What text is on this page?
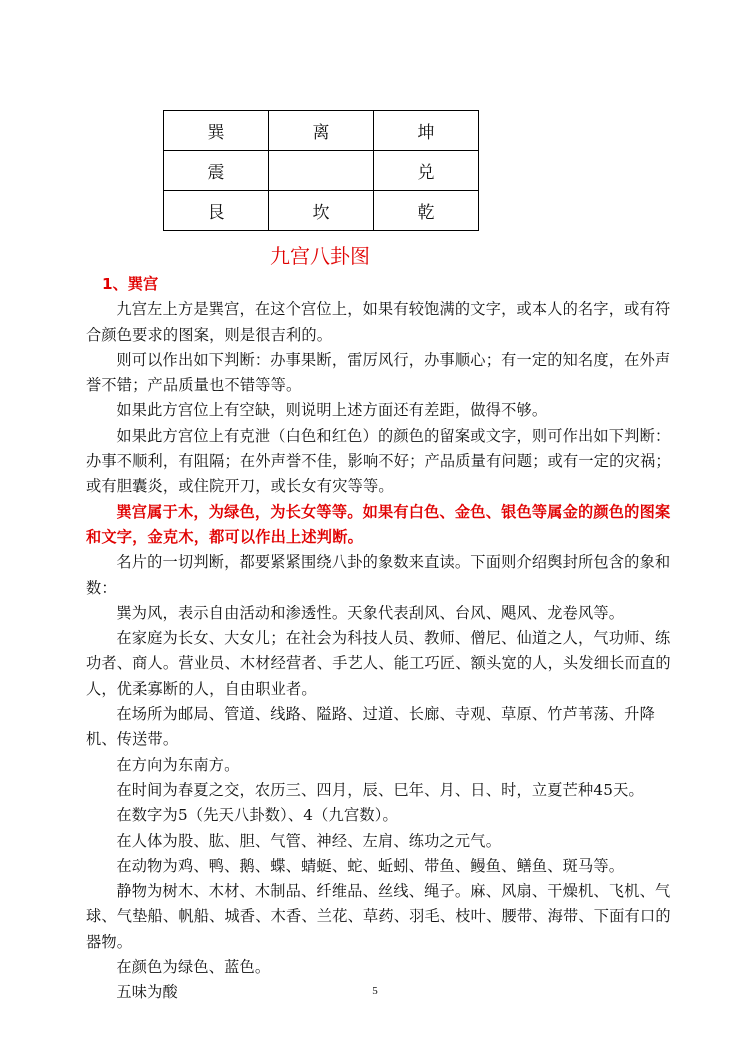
巽	离	坤
震		兑
艮	坎	乾
九宫八卦图

1、巽宫

九宫左上方是巽宫，在这个宫位上，如果有较饱满的文字，或本人的名字，或有符合颜色要求的图案，则是很吉利的。

则可以作出如下判断：办事果断，雷厉风行，办事顺心；有一定的知名度，在外声誉不错；产品质量也不错等等。

如果此方宫位上有空缺，则说明上述方面还有差距，做得不够。

如果此方宫位上有克泄（白色和红色）的颜色的留案或文字，则可作出如下判断：办事不顺利，有阻隔；在外声誉不佳，影响不好；产品质量有问题；或有一定的灾祸；或有胆囊炎，或住院开刀，或长女有灾等等。

巽宫属于木，为绿色，为长女等等。如果有白色、金色、银色等属金的颜色的图案和文字，金克木，都可以作出上述判断。

名片的一切判断，都要紧紧围绕八卦的象数来直读。下面则介绍舆封所包含的象和数：

巽为风，表示自由活动和渗透性。天象代表刮风、台风、飓风、龙卷风等。

在家庭为长女、大女儿；在社会为科技人员、教师、僧尼、仙道之人，气功师、练功者、商人。营业员、木材经营者、手艺人、能工巧匠、额头宽的人，头发细长而直的人，优柔寡断的人，自由职业者。

在场所为邮局、管道、线路、隘路、过道、长廊、寺观、草原、竹芦苇荡、升降机、传送带。

在方向为东南方。

在时间为春夏之交，农历三、四月，辰、巳年、月、日、时，立夏芒种45天。

在数字为5（先天八卦数）、4（九宫数）。

在人体为股、肱、胆、气管、神经、左肩、练功之元气。

在动物为鸡、鸭、鹅、蝶、蜻蜓、蛇、蚯蚓、带鱼、鳗鱼、鳝鱼、斑马等。

静物为树木、木材、木制品、纤维品、丝线、绳子。麻、风扇、干燥机、飞机、气球、气垫船、帆船、城香、木香、兰花、草药、羽毛、枝叶、腰带、海带、下面有口的器物。

在颜色为绿色、蓝色。

五味为酸	5
